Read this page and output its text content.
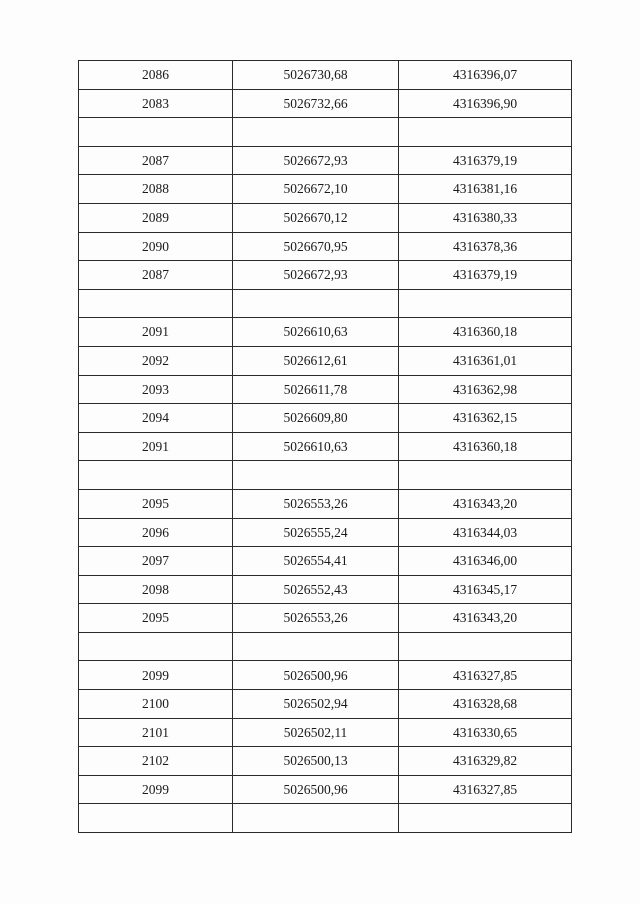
2086	5026730,68	4316396,07
2083	5026732,66	4316396,90

2087	5026672,93	4316379,19
2088	5026672,10	4316381,16
2089	5026670,12	4316380,33
2090	5026670,95	4316378,36
2087	5026672,93	4316379,19

2091	5026610,63	4316360,18
2092	5026612,61	4316361,01
2093	5026611,78	4316362,98
2094	5026609,80	4316362,15
2091	5026610,63	4316360,18

2095	5026553,26	4316343,20
2096	5026555,24	4316344,03
2097	5026554,41	4316346,00
2098	5026552,43	4316345,17
2095	5026553,26	4316343,20

2099	5026500,96	4316327,85
2100	5026502,94	4316328,68
2101	5026502,11	4316330,65
2102	5026500,13	4316329,82
2099	5026500,96	4316327,85
